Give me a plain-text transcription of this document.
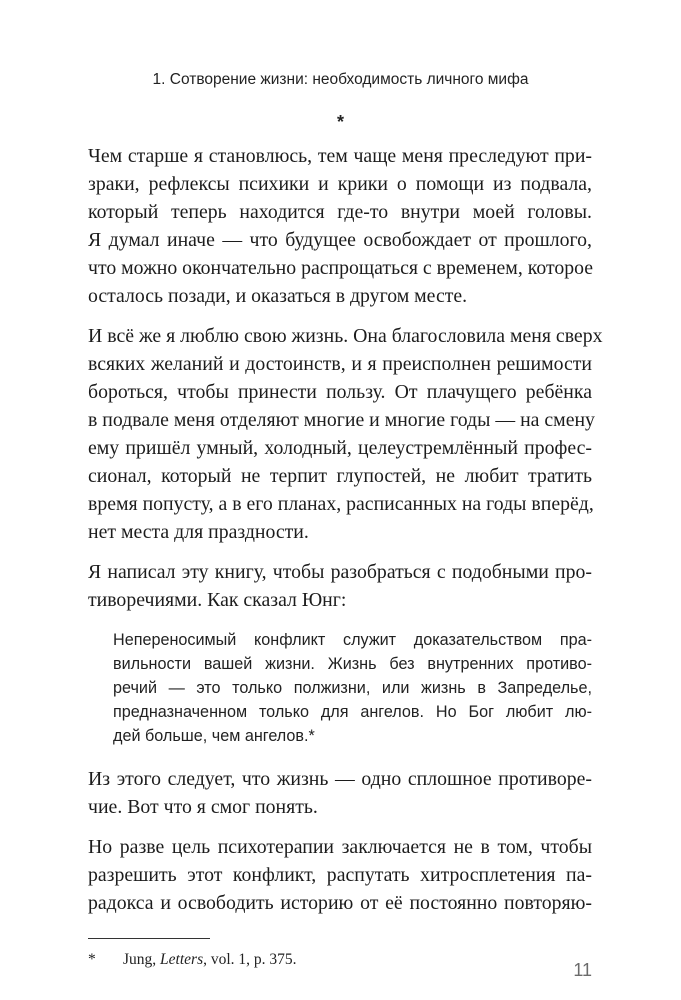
1. Сотворение жизни: необходимость личного мифа
*

Чем старше я становлюсь, тем чаще меня преследуют при-

зраки, рефлексы психики и крики о помощи из подвала,

который теперь находится где-то внутри моей головы.

Я думал иначе — что будущее освобождает от прошлого,

что можно окончательно распрощаться с временем, которое

осталось позади, и оказаться в другом месте.

И всё же я люблю свою жизнь. Она благословила меня сверх

всяких желаний и достоинств, и я преисполнен решимости

бороться, чтобы принести пользу. От плачущего ребёнка

в подвале меня отделяют многие и многие годы — на смену

ему пришёл умный, холодный, целеустремлённый профес-

сионал, который не терпит глупостей, не любит тратить

время попусту, а в его планах, расписанных на годы вперёд,

нет места для праздности.

Я написал эту книгу, чтобы разобраться с подобными про-

тиворечиями. Как сказал Юнг:

Непереносимый конфликт служит доказательством пра-

вильности вашей жизни. Жизнь без внутренних противо-

речий — это только полжизни, или жизнь в Запределье,

предназначенном только для ангелов. Но Бог любит лю-

дей больше, чем ангелов.*

Из этого следует, что жизнь — одно сплошное противоре-

чие. Вот что я смог понять.

Но разве цель психотерапии заключается не в том, чтобы

разрешить этот конфликт, распутать хитросплетения па-

радокса и освободить историю от её постоянно повторяю-

* Jung, Letters, vol. 1, p. 375.
11
